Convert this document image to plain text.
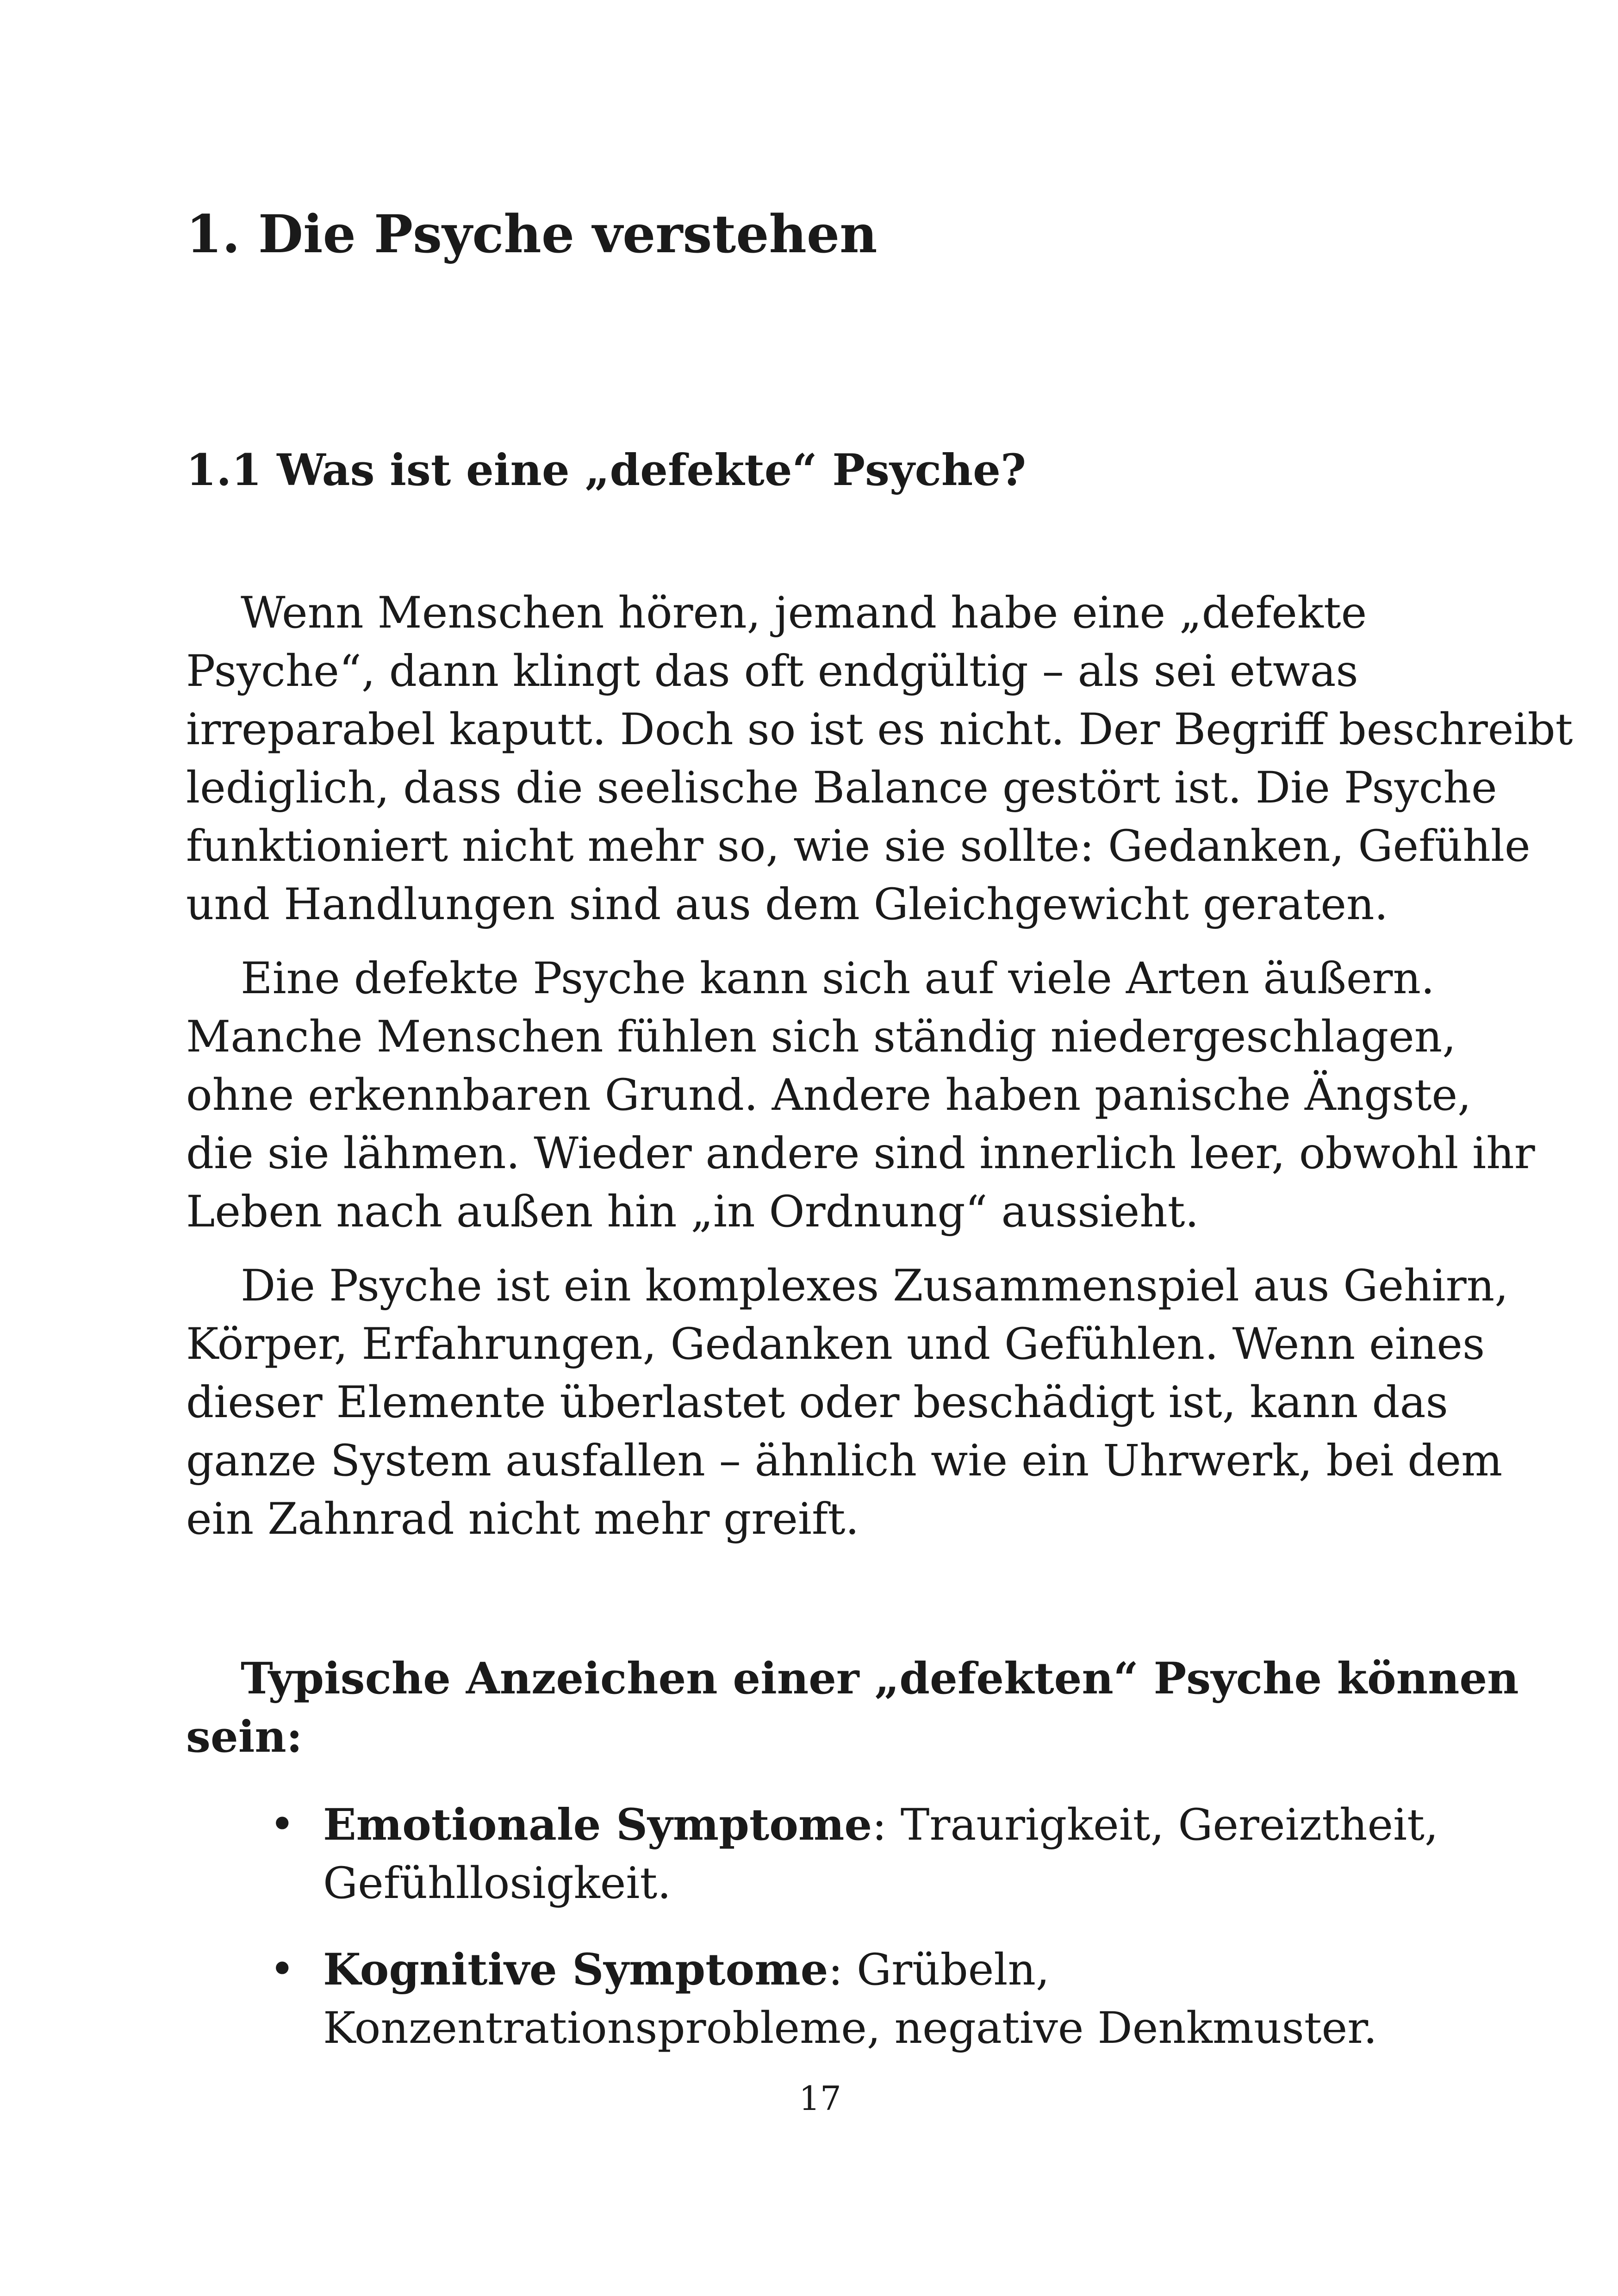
1. Die Psyche verstehen
1.1 Was ist eine „defekte“ Psyche?
Wenn Menschen hören, jemand habe eine „defekte
Psyche“, dann klingt das oft endgültig – als sei etwas
irreparabel kaputt. Doch so ist es nicht. Der Begriff beschreibt
lediglich, dass die seelische Balance gestört ist. Die Psyche
funktioniert nicht mehr so, wie sie sollte: Gedanken, Gefühle
und Handlungen sind aus dem Gleichgewicht geraten.
Eine defekte Psyche kann sich auf viele Arten äußern.
Manche Menschen fühlen sich ständig niedergeschlagen,
ohne erkennbaren Grund. Andere haben panische Ängste,
die sie lähmen. Wieder andere sind innerlich leer, obwohl ihr
Leben nach außen hin „in Ordnung“ aussieht.
Die Psyche ist ein komplexes Zusammenspiel aus Gehirn,
Körper, Erfahrungen, Gedanken und Gefühlen. Wenn eines
dieser Elemente überlastet oder beschädigt ist, kann das
ganze System ausfallen – ähnlich wie ein Uhrwerk, bei dem
ein Zahnrad nicht mehr greift.
Typische Anzeichen einer „defekten“ Psyche können
sein:
• Emotionale Symptome: Traurigkeit, Gereiztheit,
Gefühllosigkeit.
• Kognitive Symptome: Grübeln,
Konzentrationsprobleme, negative Denkmuster.
17
